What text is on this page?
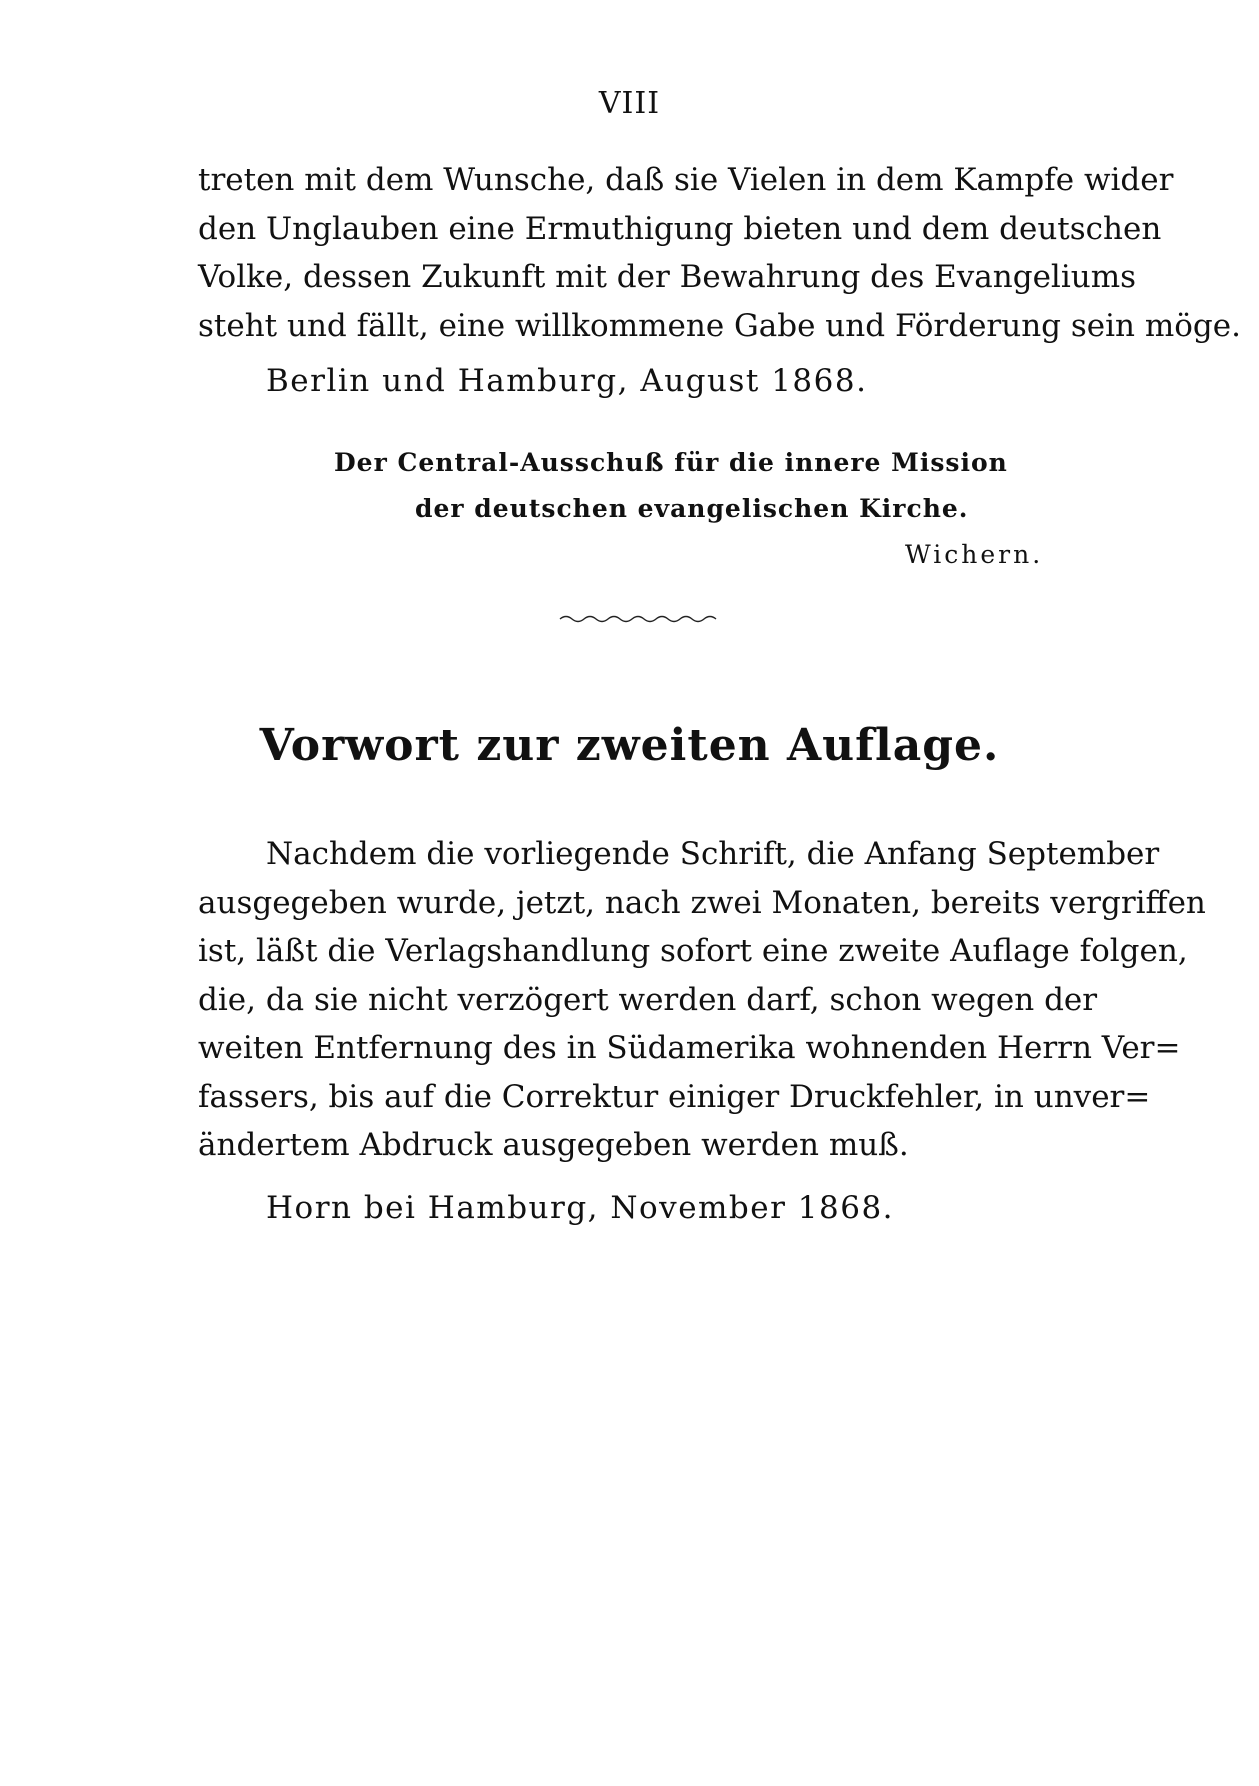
VIII

treten mit dem Wunsche, daß sie Vielen in dem Kampfe wider
den Unglauben eine Ermuthigung bieten und dem deutschen
Volke, dessen Zukunft mit der Bewahrung des Evangeliums
steht und fällt, eine willkommene Gabe und Förderung sein möge.

Berlin und Hamburg, August 1868.
Der Central-Ausschuß für die innere Mission
der deutschen evangelischen Kirche.
Wichern.
Vorwort zur zweiten Auflage.

Nachdem die vorliegende Schrift, die Anfang September
ausgegeben wurde, jetzt, nach zwei Monaten, bereits vergriffen
ist, läßt die Verlagshandlung sofort eine zweite Auflage folgen,
die, da sie nicht verzögert werden darf, schon wegen der
weiten Entfernung des in Südamerika wohnenden Herrn Ver=
fassers, bis auf die Correktur einiger Druckfehler, in unver=
ändertem Abdruck ausgegeben werden muß.

Horn bei Hamburg, November 1868.
